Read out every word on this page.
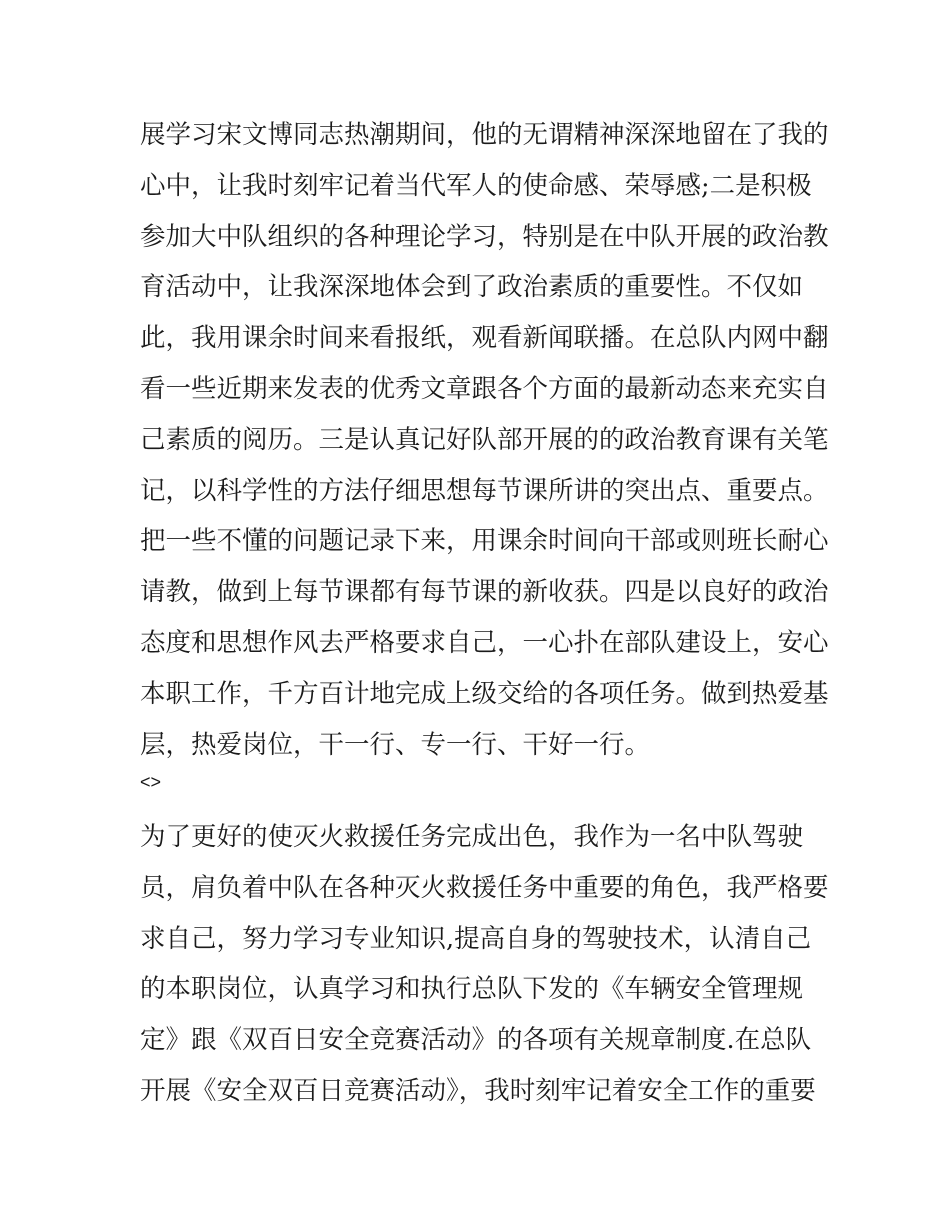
展学习宋文博同志热潮期间，他的无谓精神深深地留在了我的
心中，让我时刻牢记着当代军人的使命感、荣辱感;二是积极
参加大中队组织的各种理论学习，特别是在中队开展的政治教
育活动中，让我深深地体会到了政治素质的重要性。不仅如
此，我用课余时间来看报纸，观看新闻联播。在总队内网中翻
看一些近期来发表的优秀文章跟各个方面的最新动态来充实自
己素质的阅历。三是认真记好队部开展的的政治教育课有关笔
记，以科学性的方法仔细思想每节课所讲的突出点、重要点。
把一些不懂的问题记录下来，用课余时间向干部或则班长耐心
请教，做到上每节课都有每节课的新收获。四是以良好的政治
态度和思想作风去严格要求自己，一心扑在部队建设上，安心
本职工作，千方百计地完成上级交给的各项任务。做到热爱基
层，热爱岗位，干一行、专一行、干好一行。
<>
为了更好的使灭火救援任务完成出色，我作为一名中队驾驶
员，肩负着中队在各种灭火救援任务中重要的角色，我严格要
求自己，努力学习专业知识,提高自身的驾驶技术，认清自己
的本职岗位，认真学习和执行总队下发的《车辆安全管理规
定》跟《双百日安全竞赛活动》的各项有关规章制度.在总队
开展《安全双百日竞赛活动》，我时刻牢记着安全工作的重要
